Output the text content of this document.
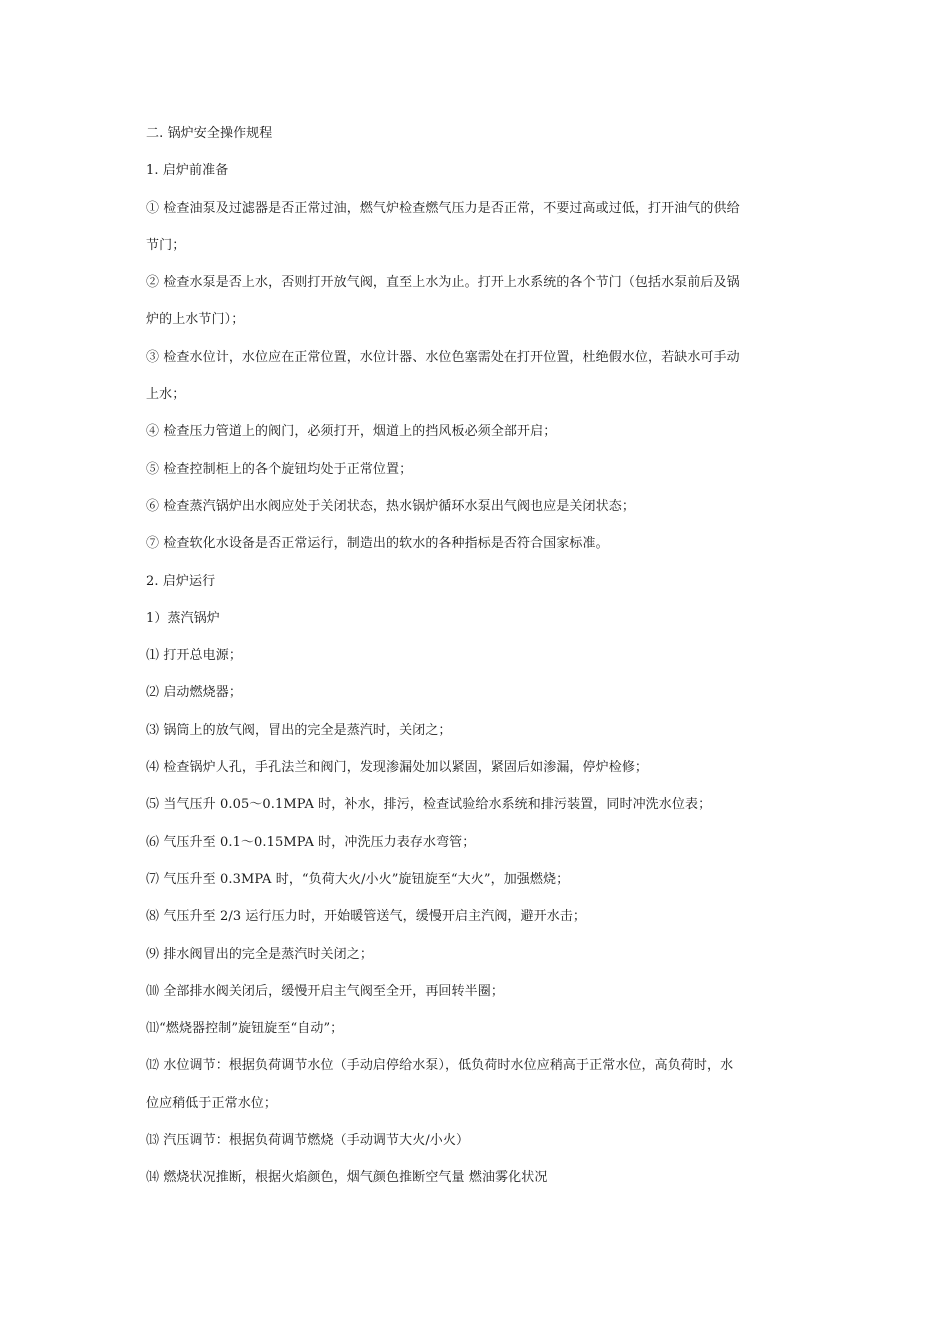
二. 锅炉安全操作规程

1. 启炉前准备

① 检查油泵及过滤器是否正常过油，燃气炉检查燃气压力是否正常，不要过高或过低，打开油气的供给

节门；

② 检查水泵是否上水，否则打开放气阀，直至上水为止。打开上水系统的各个节门（包括水泵前后及锅

炉的上水节门）；

③ 检查水位计，水位应在正常位置，水位计器、水位色塞需处在打开位置，杜绝假水位，若缺水可手动

上水；

④ 检查压力管道上的阀门，必须打开，烟道上的挡风板必须全部开启；

⑤ 检查控制柜上的各个旋钮均处于正常位置；

⑥ 检查蒸汽锅炉出水阀应处于关闭状态，热水锅炉循环水泵出气阀也应是关闭状态；

⑦ 检查软化水设备是否正常运行，制造出的软水的各种指标是否符合国家标准。

2. 启炉运行

1）蒸汽锅炉

⑴ 打开总电源；

⑵ 启动燃烧器；

⑶ 锅筒上的放气阀，冒出的完全是蒸汽时，关闭之；

⑷ 检查锅炉人孔，手孔法兰和阀门，发现渗漏处加以紧固，紧固后如渗漏，停炉检修；

⑸ 当气压升 0.05～0.1MPA 时，补水，排污，检查试验给水系统和排污装置，同时冲洗水位表；

⑹ 气压升至 0.1～0.15MPA 时，冲洗压力表存水弯管；

⑺ 气压升至 0.3MPA 时，“负荷大火/小火”旋钮旋至“大火”，加强燃烧；

⑻ 气压升至 2/3 运行压力时，开始暖管送气，缓慢开启主汽阀，避开水击；

⑼ 排水阀冒出的完全是蒸汽时关闭之；

⑽ 全部排水阀关闭后，缓慢开启主气阀至全开，再回转半圈；

⑾“燃烧器控制”旋钮旋至“自动”；

⑿ 水位调节：根据负荷调节水位（手动启停给水泵），低负荷时水位应稍高于正常水位，高负荷时，水

位应稍低于正常水位；

⒀ 汽压调节：根据负荷调节燃烧（手动调节大火/小火）

⒁ 燃烧状况推断，根据火焰颜色，烟气颜色推断空气量 燃油雾化状况
